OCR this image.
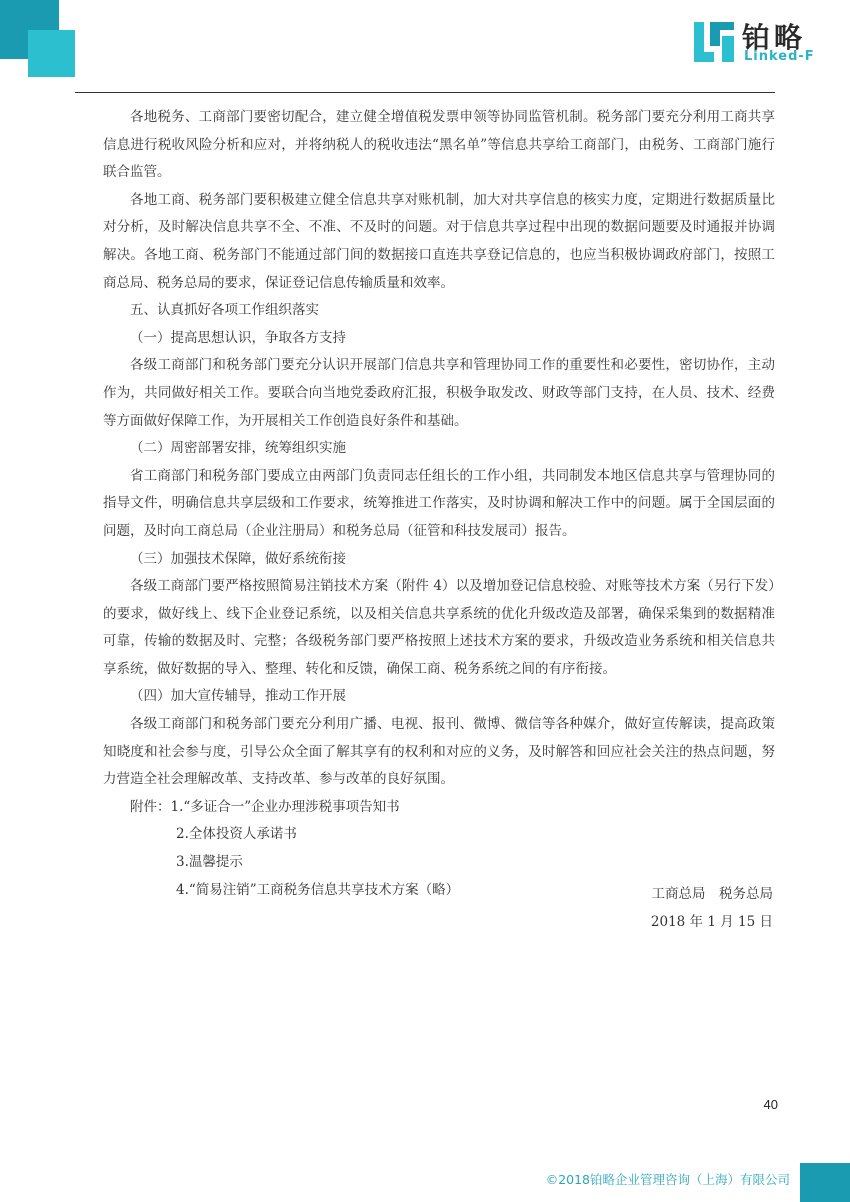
铂略
Linked-F

各地税务、工商部门要密切配合，建立健全增值税发票申领等协同监管机制。税务部门要充分利用工商共享信息进行税收风险分析和应对，并将纳税人的税收违法“黑名单”等信息共享给工商部门，由税务、工商部门施行联合监管。

各地工商、税务部门要积极建立健全信息共享对账机制，加大对共享信息的核实力度，定期进行数据质量比对分析，及时解决信息共享不全、不准、不及时的问题。对于信息共享过程中出现的数据问题要及时通报并协调解决。各地工商、税务部门不能通过部门间的数据接口直连共享登记信息的，也应当积极协调政府部门，按照工商总局、税务总局的要求，保证登记信息传输质量和效率。

五、认真抓好各项工作组织落实

（一）提高思想认识，争取各方支持

各级工商部门和税务部门要充分认识开展部门信息共享和管理协同工作的重要性和必要性，密切协作，主动作为，共同做好相关工作。要联合向当地党委政府汇报，积极争取发改、财政等部门支持，在人员、技术、经费等方面做好保障工作，为开展相关工作创造良好条件和基础。

（二）周密部署安排，统筹组织实施

省工商部门和税务部门要成立由两部门负责同志任组长的工作小组，共同制发本地区信息共享与管理协同的指导文件，明确信息共享层级和工作要求，统筹推进工作落实，及时协调和解决工作中的问题。属于全国层面的问题，及时向工商总局（企业注册局）和税务总局（征管和科技发展司）报告。

（三）加强技术保障，做好系统衔接

各级工商部门要严格按照简易注销技术方案（附件 4）以及增加登记信息校验、对账等技术方案（另行下发）的要求，做好线上、线下企业登记系统，以及相关信息共享系统的优化升级改造及部署，确保采集到的数据精准可靠，传输的数据及时、完整；各级税务部门要严格按照上述技术方案的要求，升级改造业务系统和相关信息共享系统，做好数据的导入、整理、转化和反馈，确保工商、税务系统之间的有序衔接。

（四）加大宣传辅导，推动工作开展

各级工商部门和税务部门要充分利用广播、电视、报刊、微博、微信等各种媒介，做好宣传解读，提高政策知晓度和社会参与度，引导公众全面了解其享有的权利和对应的义务，及时解答和回应社会关注的热点问题，努力营造全社会理解改革、支持改革、参与改革的良好氛围。

附件：1.“多证合一”企业办理涉税事项告知书

2.全体投资人承诺书

3.温馨提示

4.“简易注销”工商税务信息共享技术方案（略）	工商总局　税务总局
2018 年 1 月 15 日
40
©2018铂略企业管理咨询（上海）有限公司
